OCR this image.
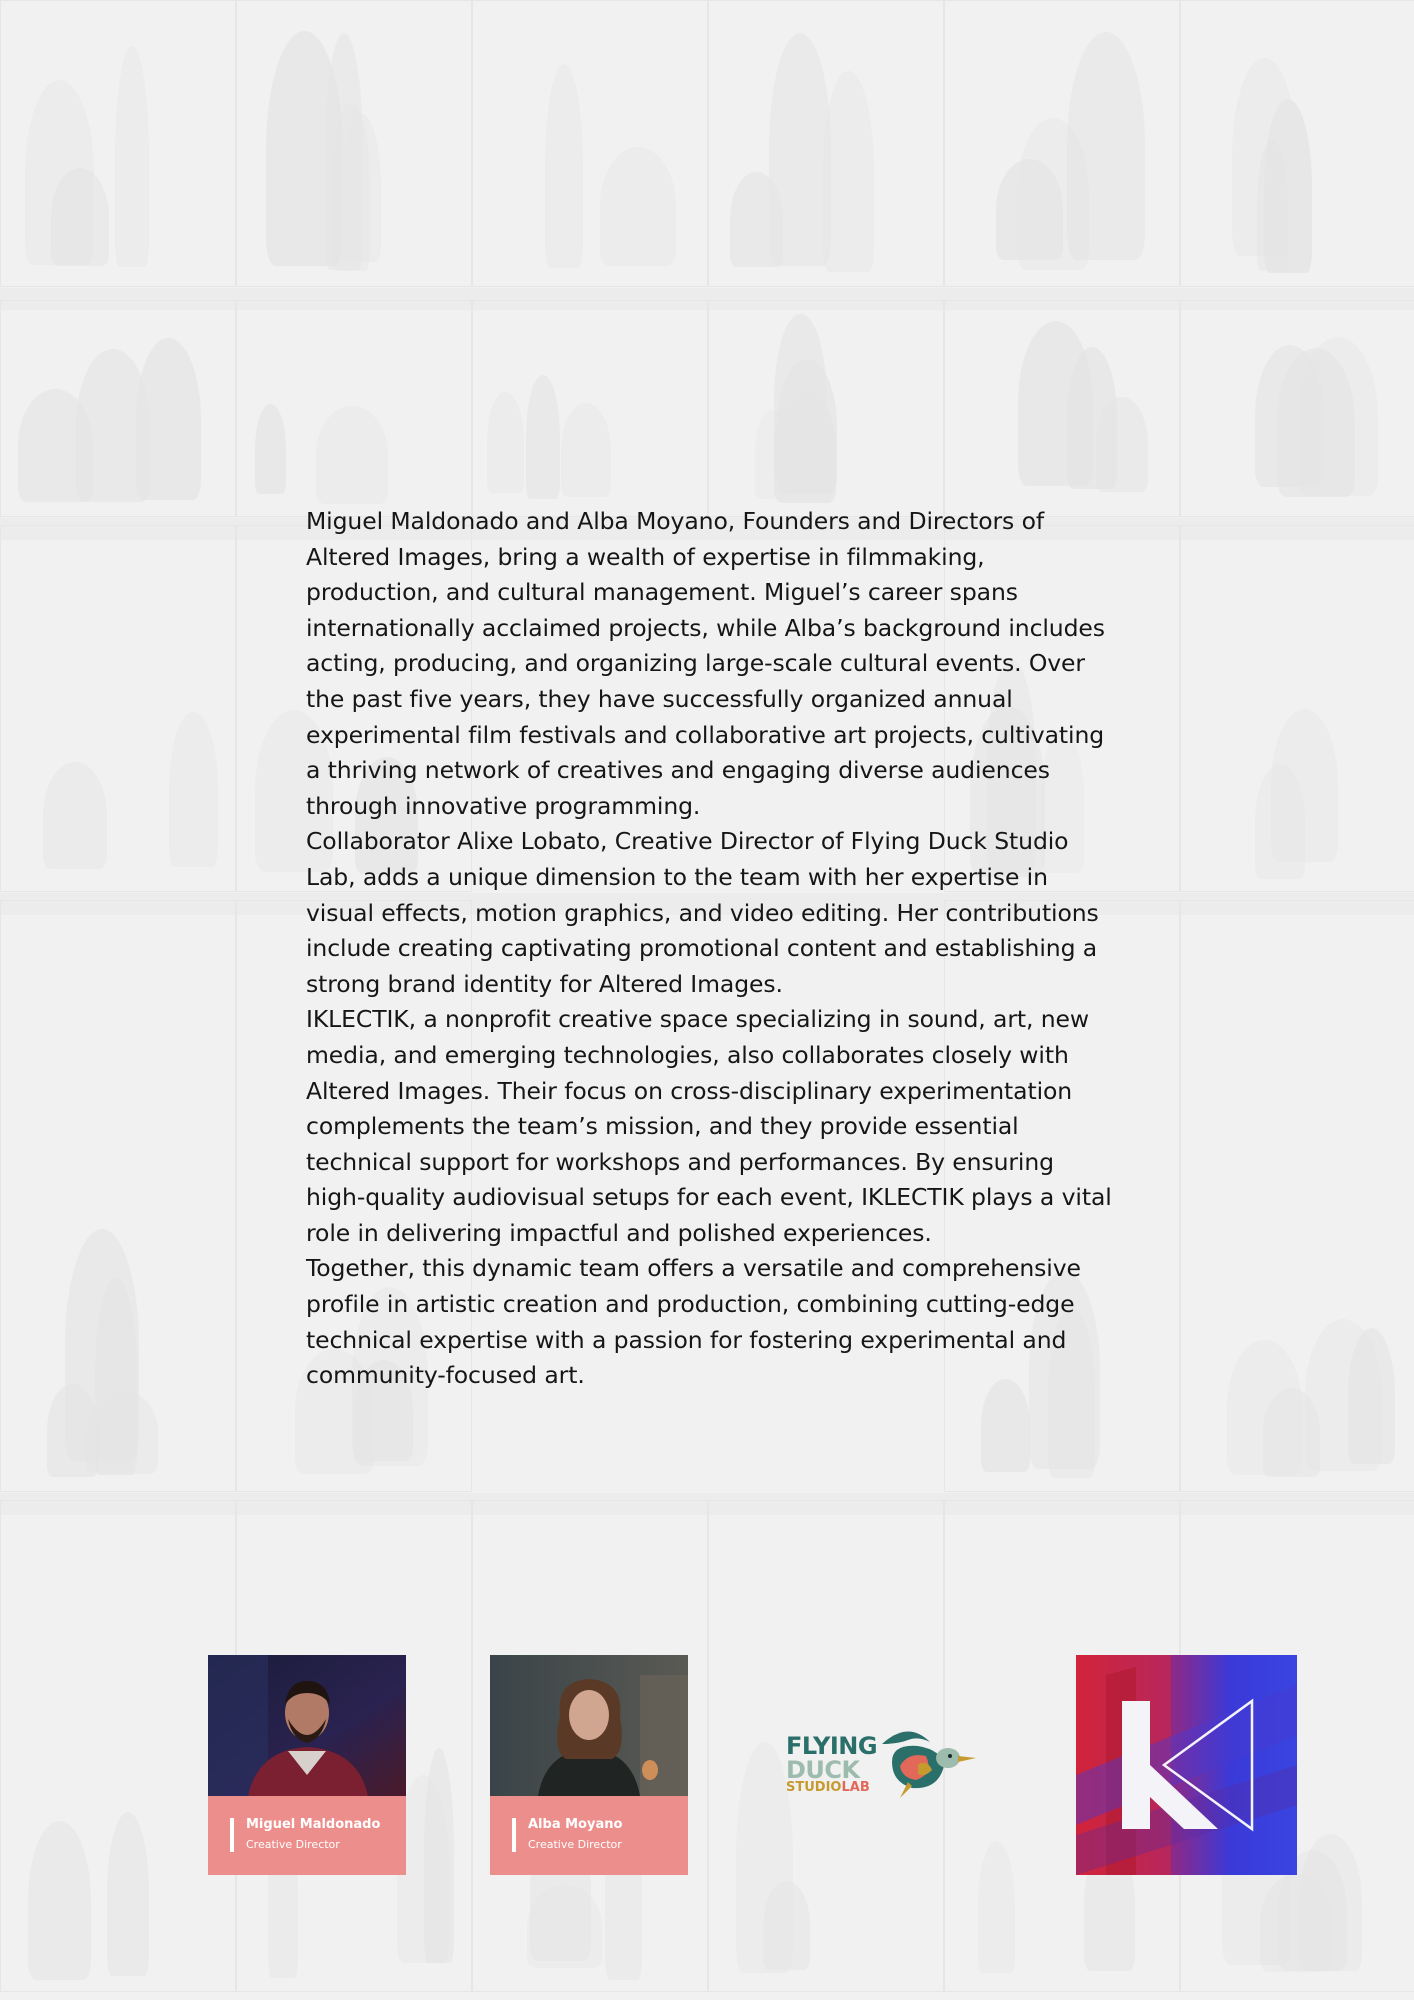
Miguel Maldonado and Alba Moyano, Founders and Directors of Altered Images, bring a wealth of expertise in filmmaking, production, and cultural management. Miguel’s career spans internationally acclaimed projects, while Alba’s background includes acting, producing, and organizing large-scale cultural events. Over the past five years, they have successfully organized annual experimental film festivals and collaborative art projects, cultivating a thriving network of creatives and engaging diverse audiences through innovative programming.

Collaborator Alixe Lobato, Creative Director of Flying Duck Studio Lab, adds a unique dimension to the team with her expertise in visual effects, motion graphics, and video editing. Her contributions include creating captivating promotional content and establishing a strong brand identity for Altered Images.

IKLECTIK, a nonprofit creative space specializing in sound, art, new media, and emerging technologies, also collaborates closely with Altered Images. Their focus on cross-disciplinary experimentation complements the team’s mission, and they provide essential technical support for workshops and performances. By ensuring high-quality audiovisual setups for each event, IKLECTIK plays a vital role in delivering impactful and polished experiences.

Together, this dynamic team offers a versatile and comprehensive profile in artistic creation and production, combining cutting-edge technical expertise with a passion for fostering experimental and community-focused art.

Miguel Maldonado
Creative Director
Alba Moyano
Creative Director
FLYING
DUCK
STUDIOLAB
